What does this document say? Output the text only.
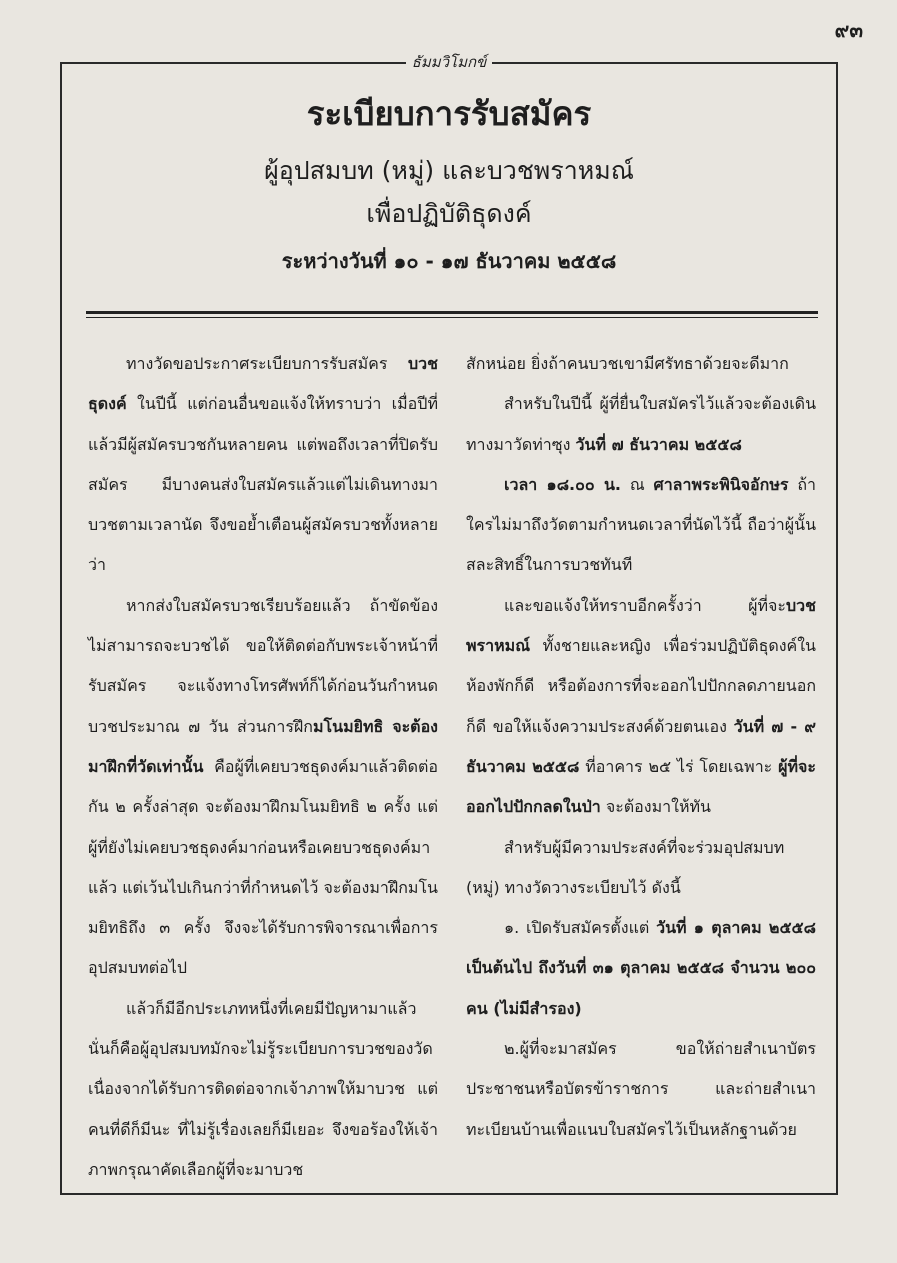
๙๓
ธัมมวิโมกข์
ระเบียบการรับสมัคร
ผู้อุปสมบท (หมู่) และบวชพราหมณ์
เพื่อปฏิบัติธุดงค์
ระหว่างวันที่ ๑๐ - ๑๗ ธันวาคม ๒๕๕๘

ทางวัดขอประกาศระเบียบการรับสมัคร บวชธุดงค์ ในปีนี้ แต่ก่อนอื่นขอแจ้งให้ทราบว่า เมื่อปีที่แล้วมีผู้สมัครบวชกันหลายคน แต่พอถึงเวลาที่ปิดรับสมัคร มีบางคนส่งใบสมัครแล้วแต่ไม่เดินทางมาบวชตามเวลานัด จึงขอย้ำเตือนผู้สมัครบวชทั้งหลายว่า

หากส่งใบสมัครบวชเรียบร้อยแล้ว ถ้าขัดข้องไม่สามารถจะบวชได้ ขอให้ติดต่อกับพระเจ้าหน้าที่รับสมัคร จะแจ้งทางโทรศัพท์ก็ได้ก่อนวันกำหนดบวชประมาณ ๗ วัน ส่วนการฝึกมโนมยิทธิ จะต้องมาฝึกที่วัดเท่านั้น คือผู้ที่เคยบวชธุดงค์มาแล้วติดต่อกัน ๒ ครั้งล่าสุด จะต้องมาฝึกมโนมยิทธิ ๒ ครั้ง แต่ผู้ที่ยังไม่เคยบวชธุดงค์มาก่อนหรือเคยบวชธุดงค์มาแล้ว แต่เว้นไปเกินกว่าที่กำหนดไว้ จะต้องมาฝึกมโนมยิทธิถึง ๓ ครั้ง จึงจะได้รับการพิจารณาเพื่อการอุปสมบทต่อไป

แล้วก็มีอีกประเภทหนึ่งที่เคยมีปัญหามาแล้ว นั่นก็คือผู้อุปสมบทมักจะไม่รู้ระเบียบการบวชของวัด เนื่องจากได้รับการติดต่อจากเจ้าภาพให้มาบวช แต่คนที่ดีก็มีนะ ที่ไม่รู้เรื่องเลยก็มีเยอะ จึงขอร้องให้เจ้าภาพกรุณาคัดเลือกผู้ที่จะมาบวช

สักหน่อย ยิ่งถ้าคนบวชเขามีศรัทธาด้วยจะดีมาก

สำหรับในปีนี้ ผู้ที่ยื่นใบสมัครไว้แล้วจะต้องเดินทางมาวัดท่าซุง วันที่ ๗ ธันวาคม ๒๕๕๘

เวลา ๑๘.๐๐ น. ณ ศาลาพระพินิจอักษร ถ้าใครไม่มาถึงวัดตามกำหนดเวลาที่นัดไว้นี้ ถือว่าผู้นั้นสละสิทธิ์ในการบวชทันที

และขอแจ้งให้ทราบอีกครั้งว่า ผู้ที่จะบวชพราหมณ์ ทั้งชายและหญิง เพื่อร่วมปฏิบัติธุดงค์ในห้องพักก็ดี หรือต้องการที่จะออกไปปักกลดภายนอกก็ดี ขอให้แจ้งความประสงค์ด้วยตนเอง วันที่ ๗ - ๙ ธันวาคม ๒๕๕๘ ที่อาคาร ๒๕ ไร่ โดยเฉพาะ ผู้ที่จะออกไปปักกลดในป่า จะต้องมาให้ทัน

สำหรับผู้มีความประสงค์ที่จะร่วมอุปสมบท (หมู่) ทางวัดวางระเบียบไว้ ดังนี้

๑. เปิดรับสมัครตั้งแต่ วันที่ ๑ ตุลาคม ๒๕๕๘ เป็นต้นไป ถึงวันที่ ๓๑ ตุลาคม ๒๕๕๘ จำนวน ๒๐๐ คน (ไม่มีสำรอง)

๒.ผู้ที่จะมาสมัคร ขอให้ถ่ายสำเนาบัตรประชาชนหรือบัตรข้าราชการ และถ่ายสำเนาทะเบียนบ้านเพื่อแนบใบสมัครไว้เป็นหลักฐานด้วย
